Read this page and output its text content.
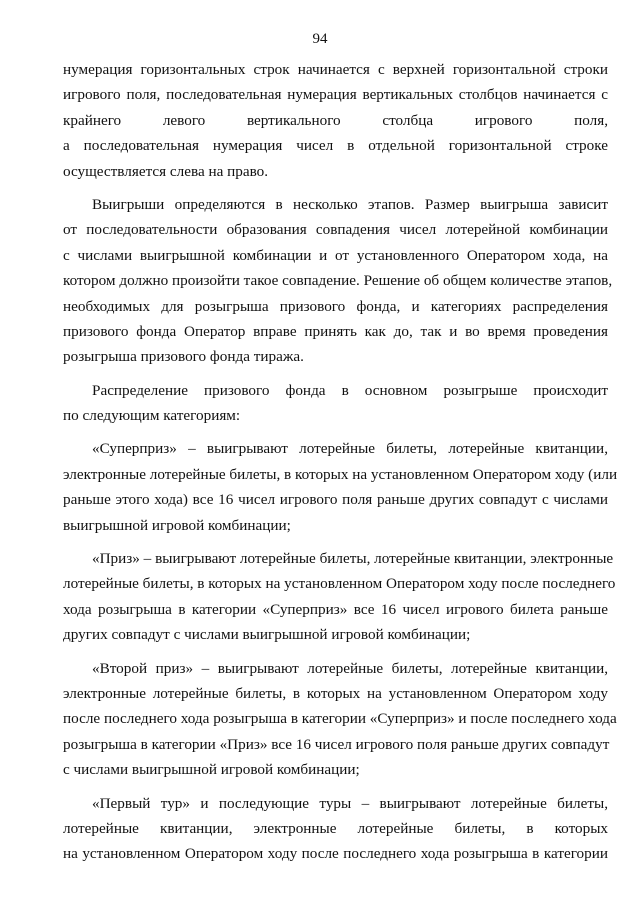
94
нумерация горизонтальных строк начинается с верхней горизонтальной строки
игрового поля, последовательная нумерация вертикальных столбцов начинается с
крайнего левого вертикального столбца игрового поля,
а последовательная нумерация чисел в отдельной горизонтальной строке
осуществляется слева на право.
Выигрыши определяются в несколько этапов. Размер выигрыша зависит
от последовательности образования совпадения чисел лотерейной комбинации
с числами выигрышной комбинации и от установленного Оператором хода, на
котором должно произойти такое совпадение. Решение об общем количестве этапов,
необходимых для розыгрыша призового фонда, и категориях распределения
призового фонда Оператор вправе принять как до, так и во время проведения
розыгрыша призового фонда тиража.
Распределение призового фонда в основном розыгрыше происходит
по следующим категориям:
«Суперприз» – выигрывают лотерейные билеты, лотерейные квитанции,
электронные лотерейные билеты, в которых на установленном Оператором ходу (или
раньше этого хода) все 16 чисел игрового поля раньше других совпадут с числами
выигрышной игровой комбинации;
«Приз» – выигрывают лотерейные билеты, лотерейные квитанции, электронные
лотерейные билеты, в которых на установленном Оператором ходу после последнего
хода розыгрыша в категории «Суперприз» все 16 чисел игрового билета раньше
других совпадут с числами выигрышной игровой комбинации;
«Второй приз» – выигрывают лотерейные билеты, лотерейные квитанции,
электронные лотерейные билеты, в которых на установленном Оператором ходу
после последнего хода розыгрыша в категории «Суперприз» и после последнего хода
розыгрыша в категории «Приз» все 16 чисел игрового поля раньше других совпадут
с числами выигрышной игровой комбинации;
«Первый тур» и последующие туры – выигрывают лотерейные билеты,
лотерейные квитанции, электронные лотерейные билеты, в которых
на установленном Оператором ходу после последнего хода розыгрыша в категории
